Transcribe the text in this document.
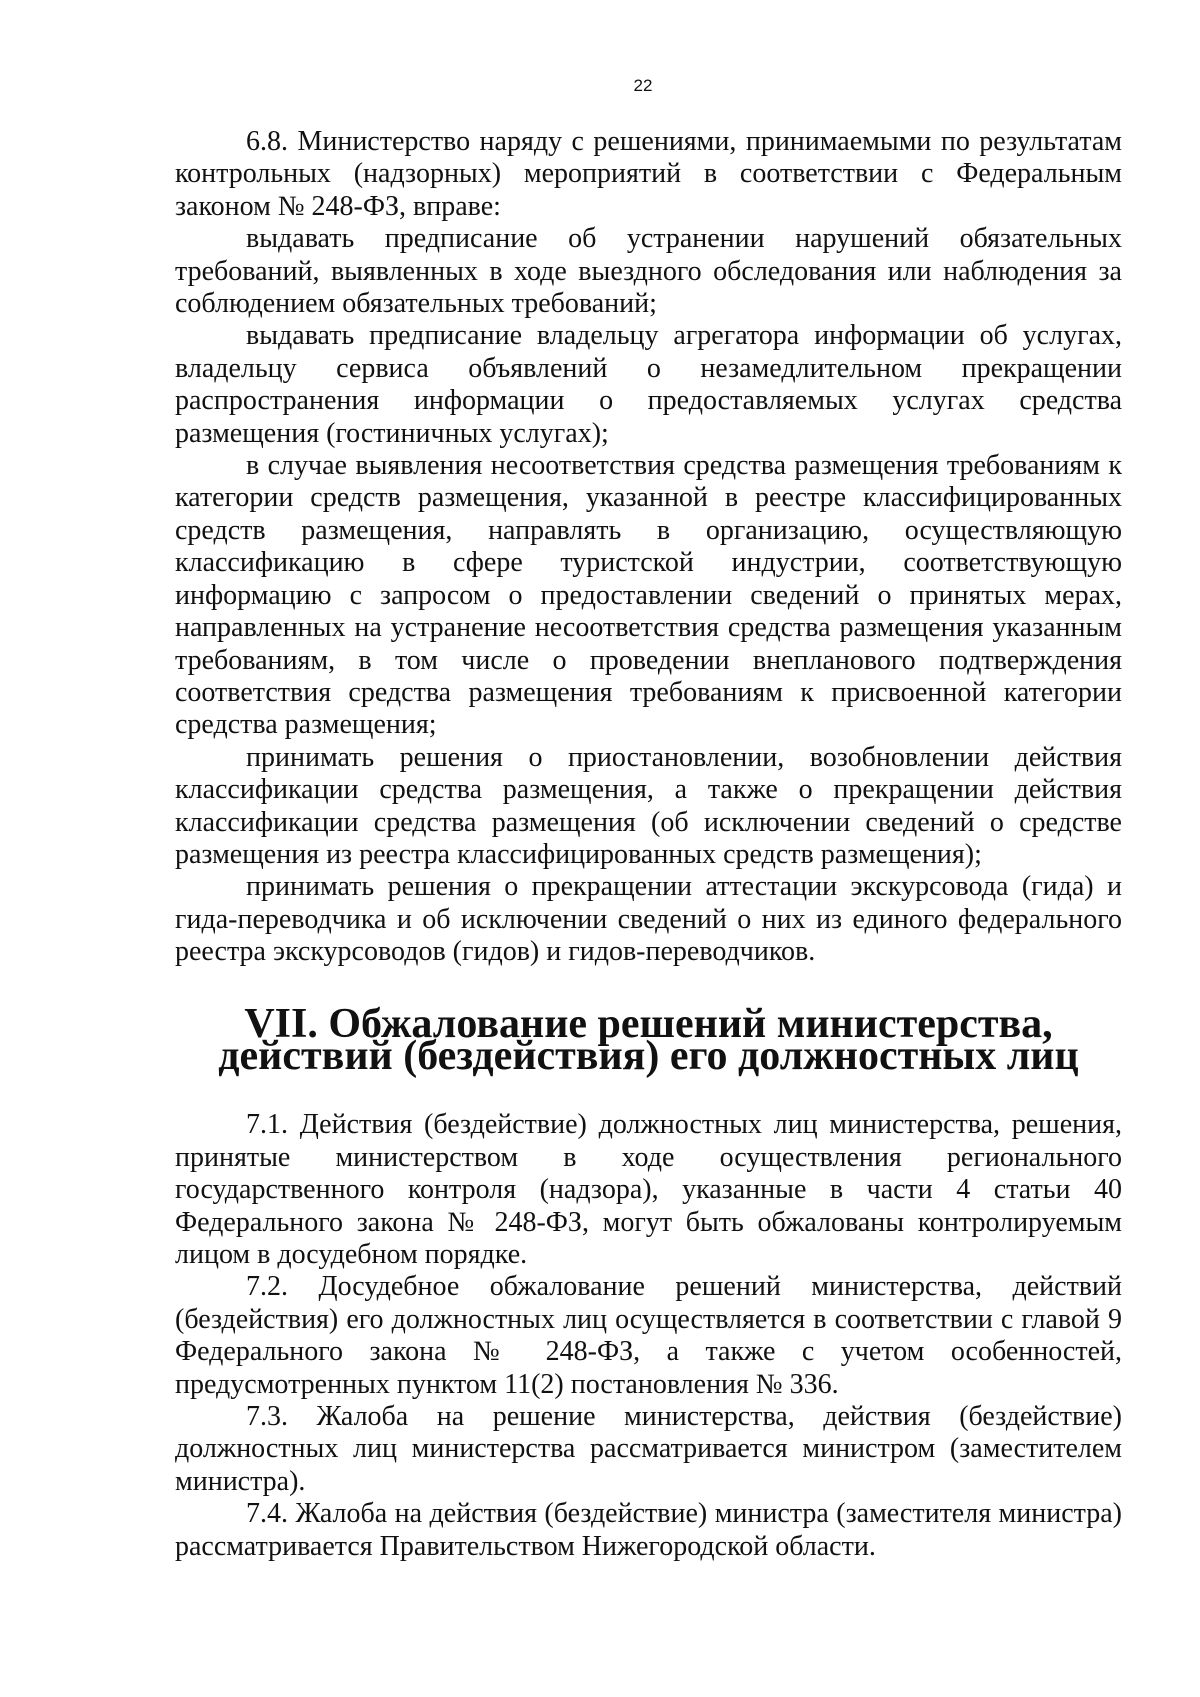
22

6.8. Министерство наряду с решениями, принимаемыми по результатам контрольных (надзорных) мероприятий в соответствии с Федеральным законом № 248-ФЗ, вправе:

выдавать предписание об устранении нарушений обязательных требований, выявленных в ходе выездного обследования или наблюдения за соблюдением обязательных требований;

выдавать предписание владельцу агрегатора информации об услугах, владельцу сервиса объявлений о незамедлительном прекращении распространения информации о предоставляемых услугах средства размещения (гостиничных услугах);

в случае выявления несоответствия средства размещения требованиям к категории средств размещения, указанной в реестре классифицированных средств размещения, направлять в организацию, осуществляющую классификацию в сфере туристской индустрии, соответствующую информацию с запросом о предоставлении сведений о принятых мерах, направленных на устранение несоответствия средства размещения указанным требованиям, в том числе о проведении внепланового подтверждения соответствия средства размещения требованиям к присвоенной категории средства размещения;

принимать решения о приостановлении, возобновлении действия классификации средства размещения, а также о прекращении действия классификации средства размещения (об исключении сведений о средстве размещения из реестра классифицированных средств размещения);

принимать решения о прекращении аттестации экскурсовода (гида) и гида-переводчика и об исключении сведений о них из единого федерального реестра экскурсоводов (гидов) и гидов-переводчиков.

VII. Обжалование решений министерства,
действий (бездействия) его должностных лиц

7.1. Действия (бездействие) должностных лиц министерства, решения, принятые министерством в ходе осуществления регионального государственного контроля (надзора), указанные в части 4 статьи 40 Федерального закона № 248-ФЗ, могут быть обжалованы контролируемым лицом в досудебном порядке.

7.2. Досудебное обжалование решений министерства, действий (бездействия) его должностных лиц осуществляется в соответствии с главой 9 Федерального закона № 248-ФЗ, а также с учетом особенностей, предусмотренных пунктом 11(2) постановления № 336.

7.3. Жалоба на решение министерства, действия (бездействие) должностных лиц министерства рассматривается министром (заместителем министра).

7.4. Жалоба на действия (бездействие) министра (заместителя министра) рассматривается Правительством Нижегородской области.
